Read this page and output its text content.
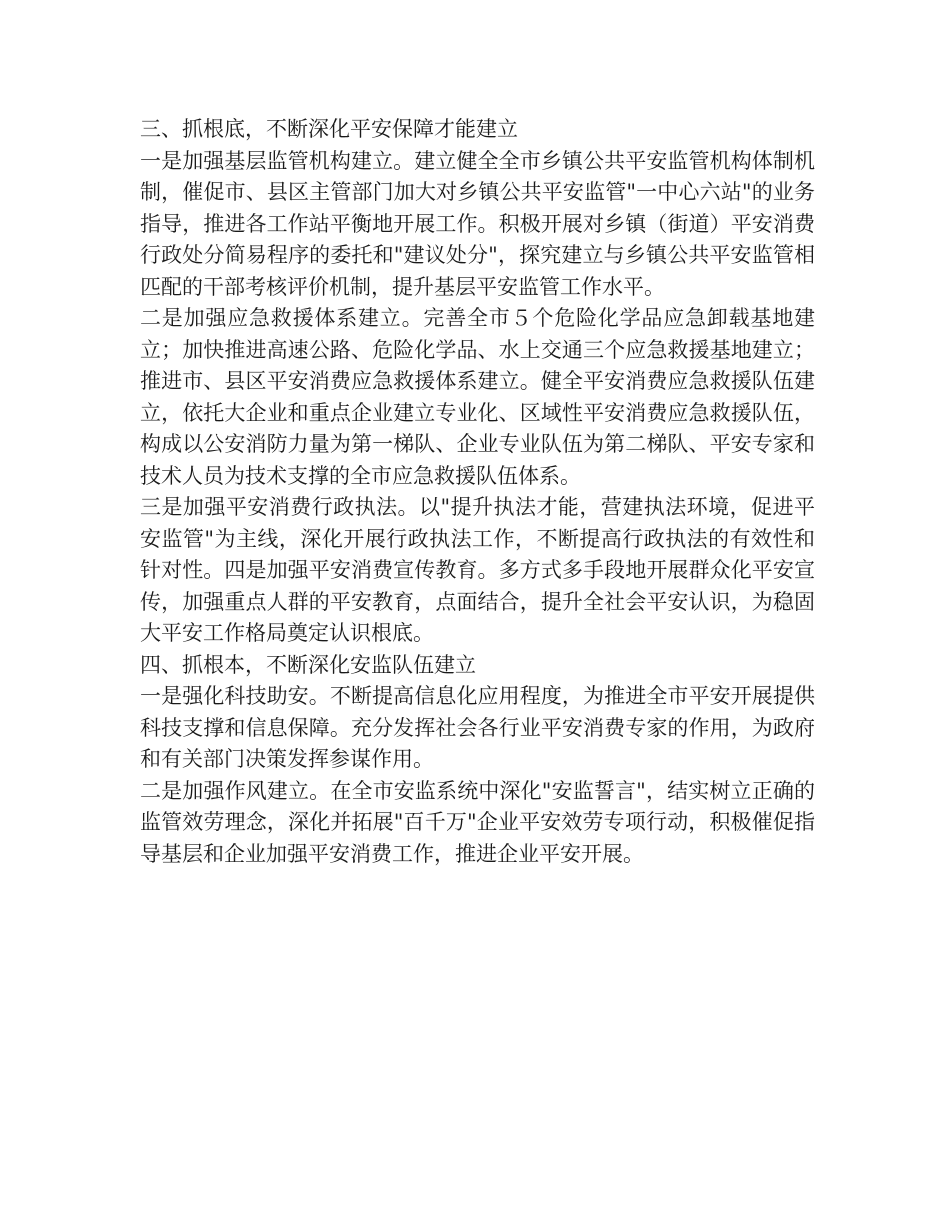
三、抓根底，不断深化平安保障才能建立

一是加强基层监管机构建立。建立健全全市乡镇公共平安监管机构体制机制，催促市、县区主管部门加大对乡镇公共平安监管"一中心六站"的业务指导，推进各工作站平衡地开展工作。积极开展对乡镇（街道）平安消费行政处分简易程序的委托和"建议处分"，探究建立与乡镇公共平安监管相匹配的干部考核评价机制，提升基层平安监管工作水平。

二是加强应急救援体系建立。完善全市５个危险化学品应急卸载基地建立；加快推进高速公路、危险化学品、水上交通三个应急救援基地建立；推进市、县区平安消费应急救援体系建立。健全平安消费应急救援队伍建立，依托大企业和重点企业建立专业化、区域性平安消费应急救援队伍，构成以公安消防力量为第一梯队、企业专业队伍为第二梯队、平安专家和技术人员为技术支撑的全市应急救援队伍体系。

三是加强平安消费行政执法。以"提升执法才能，营建执法环境，促进平安监管"为主线，深化开展行政执法工作，不断提高行政执法的有效性和针对性。四是加强平安消费宣传教育。多方式多手段地开展群众化平安宣传，加强重点人群的平安教育，点面结合，提升全社会平安认识，为稳固大平安工作格局奠定认识根底。

四、抓根本，不断深化安监队伍建立

一是强化科技助安。不断提高信息化应用程度，为推进全市平安开展提供科技支撑和信息保障。充分发挥社会各行业平安消费专家的作用，为政府和有关部门决策发挥参谋作用。

二是加强作风建立。在全市安监系统中深化"安监誓言"，结实树立正确的监管效劳理念，深化并拓展"百千万"企业平安效劳专项行动，积极催促指导基层和企业加强平安消费工作，推进企业平安开展。
